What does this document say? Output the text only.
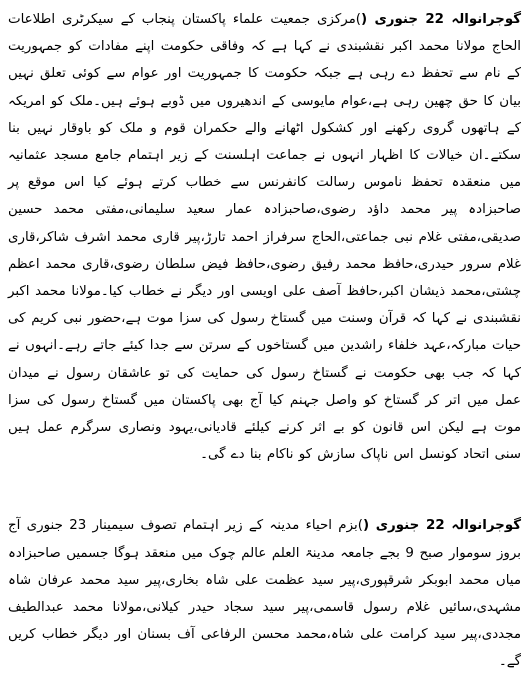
گوجرانوالہ 22 جنوری ()مرکزی جمعیت علماء پاکستان پنجاب کے سیکرٹری اطلاعات الحاج مولانا محمد اکبر نقشبندی نے کہا ہے کہ وفاقی حکومت اپنے مفادات کو جمہوریت کے نام سے تحفظ دے رہی ہے جبکہ حکومت کا جمہوریت اور عوام سے کوئی تعلق نہیں بیان کا حق چھین رہی ہے،عوام مایوسی کے اندھیروں میں ڈوبے ہوئے ہیں۔ملک کو امریکہ کے ہاتھوں گروی رکھنے اور کشکول اٹھانے والے حکمران قوم و ملک کو باوقار نہیں بنا سکتے۔ان خیالات کا اظہار انہوں نے جماعت اہلسنت کے زیر اہتمام جامع مسجد عثمانیہ میں منعقدہ تحفظ ناموس رسالت کانفرنس سے خطاب کرتے ہوئے کیا اس موقع پر صاحبزادہ پیر محمد داؤد رضوی،صاحبزادہ عمار سعید سلیمانی،مفتی محمد حسین صدیقی،مفتی غلام نبی جماعتی،الحاج سرفراز احمد تارڑ،پیر قاری محمد اشرف شاکر،قاری غلام سرور حیدری،حافظ محمد رفیق رضوی،حافظ فیض سلطان رضوی،قاری محمد اعظم چشتی،محمد ذیشان اکبر،حافظ آصف علی اویسی اور دیگر نے خطاب کیا۔مولانا محمد اکبر نقشبندی نے کہا کہ قرآن وسنت میں گستاخ رسول کی سزا موت ہے،حضور نبی کریم کی حیات مبارکہ،عہد خلفاء راشدین میں گستاخوں کے سرتن سے جدا کیئے جاتے رہے۔انہوں نے کہا کہ جب بھی حکومت نے گستاخ رسول کی حمایت کی تو عاشقان رسول نے میدان عمل میں اتر کر گستاخ کو واصل جہنم کیا آج بھی پاکستان میں گستاخ رسول کی سزا موت ہے لیکن اس قانون کو بے اثر کرنے کیلئے قادیانی،یہود ونصاری سرگرم عمل ہیں سنی اتحاد کونسل اس ناپاک سازش کو ناکام بنا دے گی۔

گوجرانوالہ 22 جنوری ()بزم احیاء مدینہ کے زیر اہتمام تصوف سیمینار 23 جنوری آج بروز سوموار صبح 9 بجے جامعہ مدینۃ العلم عالم چوک میں منعقد ہوگا جسمیں صاحبزادہ میاں محمد ابوبکر شرقپوری،پیر سید عظمت علی شاہ بخاری،پیر سید محمد عرفان شاہ مشہدی،سائیں غلام رسول قاسمی،پیر سید سجاد حیدر کیلانی،مولانا محمد عبدالطیف مجددی،پیر سید کرامت علی شاہ،محمد محسن الرفاعی آف بسنان اور دیگر خطاب کریں گے۔
